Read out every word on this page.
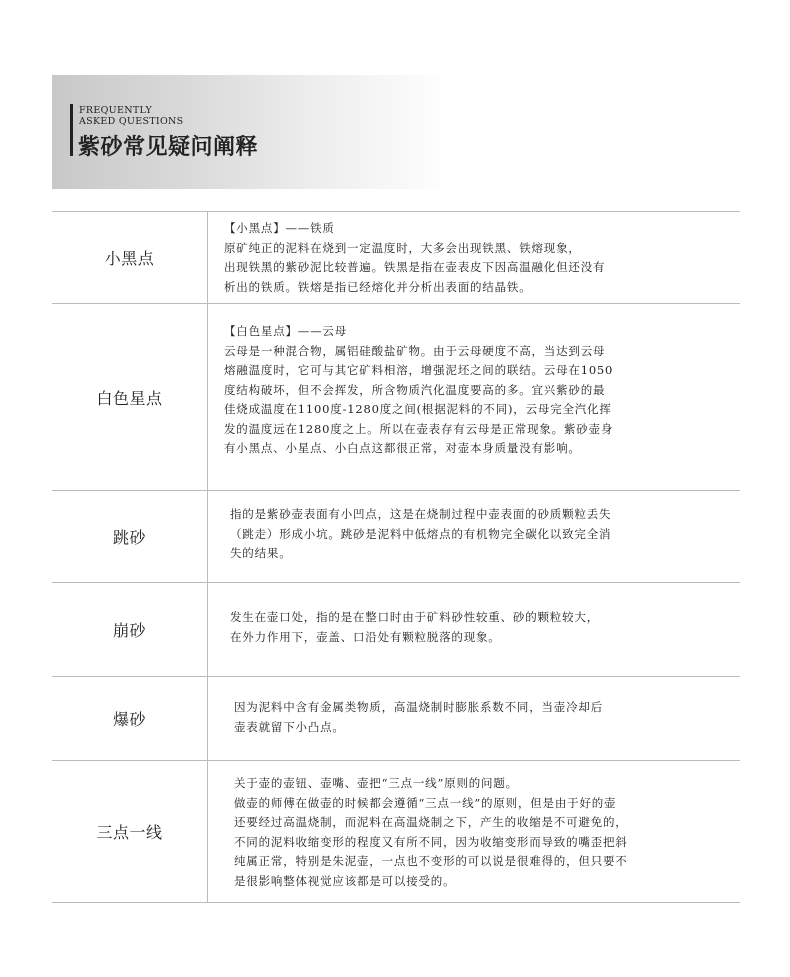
FREQUENTLY
ASKED QUESTIONS
紫砂常见疑问阐释
小黑点
【小黑点】——铁质
原矿纯正的泥料在烧到一定温度时，大多会出现铁黑、铁熔现象，
出现铁黑的紫砂泥比较普遍。铁黑是指在壶表皮下因高温融化但还没有
析出的铁质。铁熔是指已经熔化并分析出表面的结晶铁。
白色星点
【白色星点】——云母
云母是一种混合物，属铝硅酸盐矿物。由于云母硬度不高，当达到云母
熔融温度时，它可与其它矿料相溶，增强泥坯之间的联结。云母在1050
度结构破坏，但不会挥发，所含物质汽化温度要高的多。宜兴紫砂的最
佳烧成温度在1100度-1280度之间(根据泥料的不同)，云母完全汽化挥
发的温度远在1280度之上。所以在壶表存有云母是正常现象。紫砂壶身
有小黑点、小星点、小白点这都很正常，对壶本身质量没有影响。
跳砂
指的是紫砂壶表面有小凹点，这是在烧制过程中壶表面的砂质颗粒丢失
（跳走）形成小坑。跳砂是泥料中低熔点的有机物完全碳化以致完全消
失的结果。
崩砂
发生在壶口处，指的是在整口时由于矿料砂性较重、砂的颗粒较大，
在外力作用下，壶盖、口沿处有颗粒脱落的现象。
爆砂
因为泥料中含有金属类物质，高温烧制时膨胀系数不同，当壶冷却后
壶表就留下小凸点。
三点一线
关于壶的壶钮、壶嘴、壶把“三点一线”原则的问题。
做壶的师傅在做壶的时候都会遵循“三点一线”的原则，但是由于好的壶
还要经过高温烧制，而泥料在高温烧制之下，产生的收缩是不可避免的，
不同的泥料收缩变形的程度又有所不同，因为收缩变形而导致的嘴歪把斜
纯属正常，特别是朱泥壶，一点也不变形的可以说是很难得的，但只要不
是很影响整体视觉应该都是可以接受的。
